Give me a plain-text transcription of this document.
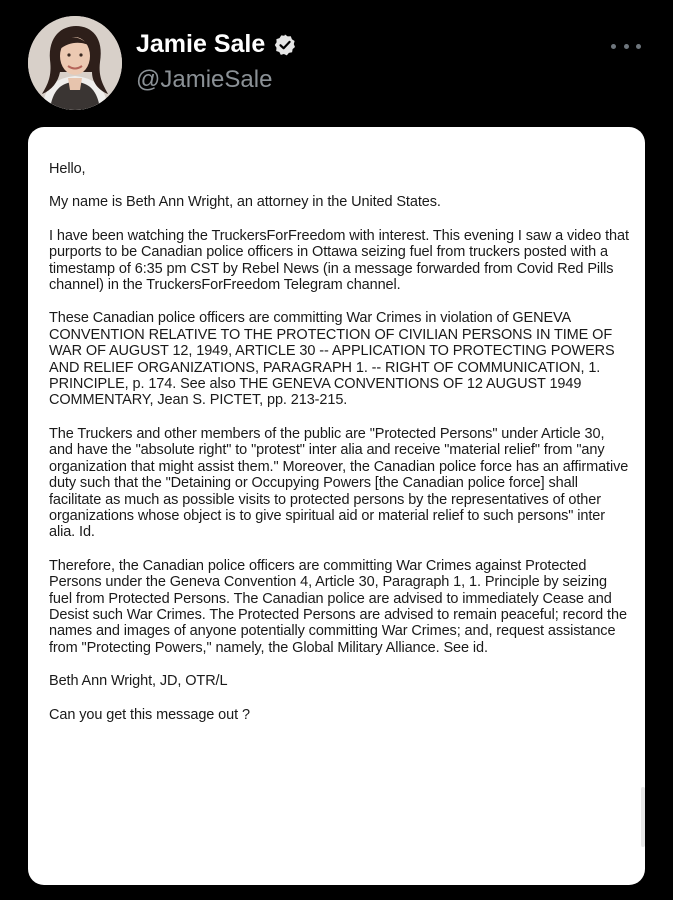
Jamie Sale
@JamieSale

Hello,

My name is Beth Ann Wright, an attorney in the United States.

I have been watching the TruckersForFreedom with interest. This evening I saw a video that purports to be Canadian police officers in Ottawa seizing fuel from truckers posted with a timestamp of 6:35 pm CST by Rebel News (in a message forwarded from Covid Red Pills channel) in the TruckersForFreedom Telegram channel.

These Canadian police officers are committing War Crimes in violation of GENEVA CONVENTION RELATIVE TO THE PROTECTION OF CIVILIAN PERSONS IN TIME OF WAR OF AUGUST 12, 1949, ARTICLE 30 -- APPLICATION TO PROTECTING POWERS AND RELIEF ORGANIZATIONS, PARAGRAPH 1. -- RIGHT OF COMMUNICATION, 1. PRINCIPLE, p. 174. See also THE GENEVA CONVENTIONS OF 12 AUGUST 1949 COMMENTARY, Jean S. PICTET, pp. 213-215.

The Truckers and other members of the public are "Protected Persons" under Article 30, and have the "absolute right" to "protest" inter alia and receive "material relief" from "any organization that might assist them." Moreover, the Canadian police force has an affirmative duty such that the "Detaining or Occupying Powers [the Canadian police force] shall facilitate as much as possible visits to protected persons by the representatives of other organizations whose object is to give spiritual aid or material relief to such persons" inter alia. Id.

Therefore, the Canadian police officers are committing War Crimes against Protected Persons under the Geneva Convention 4, Article 30, Paragraph 1, 1. Principle by seizing fuel from Protected Persons. The Canadian police are advised to immediately Cease and Desist such War Crimes. The Protected Persons are advised to remain peaceful; record the names and images of anyone potentially committing War Crimes; and, request assistance from "Protecting Powers," namely, the Global Military Alliance. See id.

Beth Ann Wright, JD, OTR/L

Can you get this message out ?
